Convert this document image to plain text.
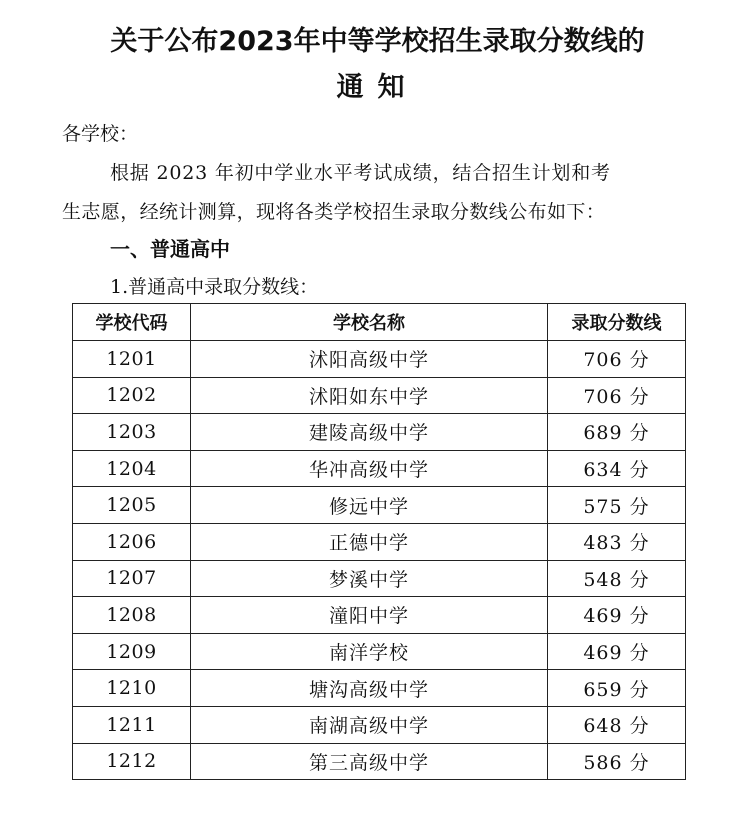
关于公布2023年中等学校招生录取分数线的
通知
各学校：
根据 2023 年初中学业水平考试成绩，结合招生计划和考
生志愿，经统计测算，现将各类学校招生录取分数线公布如下：
一、普通高中
1.普通高中录取分数线：
学校代码	学校名称	录取分数线
1201	沭阳高级中学	706 分
1202	沭阳如东中学	706 分
1203	建陵高级中学	689 分
1204	华冲高级中学	634 分
1205	修远中学	575 分
1206	正德中学	483 分
1207	梦溪中学	548 分
1208	潼阳中学	469 分
1209	南洋学校	469 分
1210	塘沟高级中学	659 分
1211	南湖高级中学	648 分
1212	第三高级中学	586 分
